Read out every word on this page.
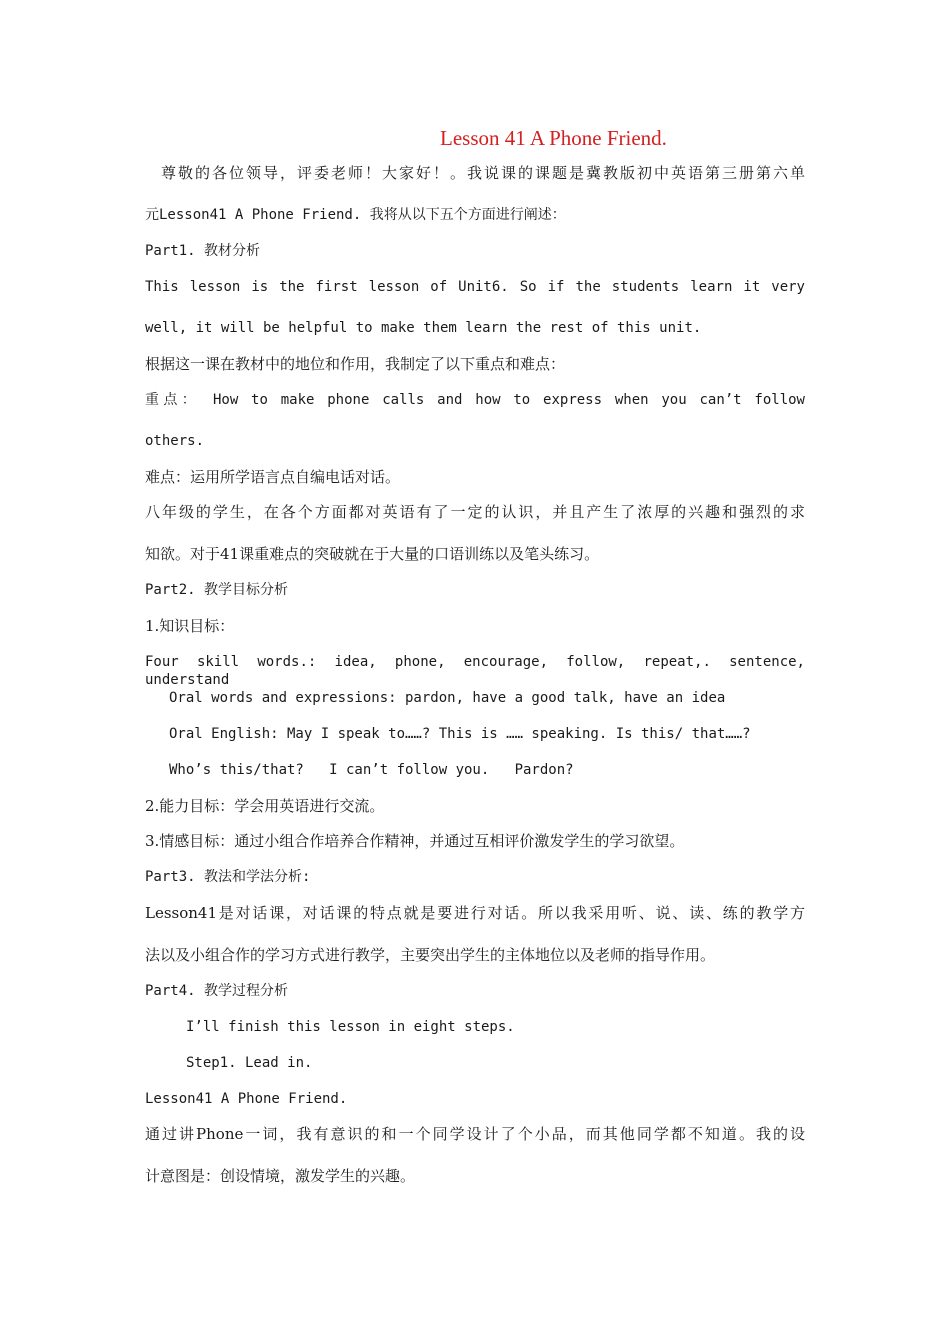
Lesson 41 A Phone Friend.
尊敬的各位领导，评委老师！大家好！。我说课的课题是冀教版初中英语第三册第六单
元Lesson41 A Phone Friend. 我将从以下五个方面进行阐述：
Part1. 教材分析
This lesson is the first lesson of Unit6. So if the students learn it very
well, it will be helpful to make them learn the rest of this unit.
根据这一课在教材中的地位和作用，我制定了以下重点和难点：
重点： How to make phone calls and how to express when you can’t follow
others.
难点：运用所学语言点自编电话对话。
八年级的学生，在各个方面都对英语有了一定的认识，并且产生了浓厚的兴趣和强烈的求
知欲。对于41课重难点的突破就在于大量的口语训练以及笔头练习。
Part2. 教学目标分析
1.知识目标：
Four skill words.: idea, phone, encourage, follow, repeat,. sentence, understand
Oral words and expressions: pardon, have a good talk, have an idea
Oral English: May I speak to……? This is …… speaking. Is this/ that……?
Who’s this/that?   I can’t follow you.   Pardon?
2.能力目标：学会用英语进行交流。
3.情感目标：通过小组合作培养合作精神，并通过互相评价激发学生的学习欲望。
Part3. 教法和学法分析:
Lesson41是对话课，对话课的特点就是要进行对话。所以我采用听、说、读、练的教学方
法以及小组合作的学习方式进行教学，主要突出学生的主体地位以及老师的指导作用。
Part4. 教学过程分析
I’ll finish this lesson in eight steps.
Step1. Lead in.
Lesson41 A Phone Friend.
通过讲Phone一词，我有意识的和一个同学设计了个小品，而其他同学都不知道。我的设
计意图是：创设情境，激发学生的兴趣。
